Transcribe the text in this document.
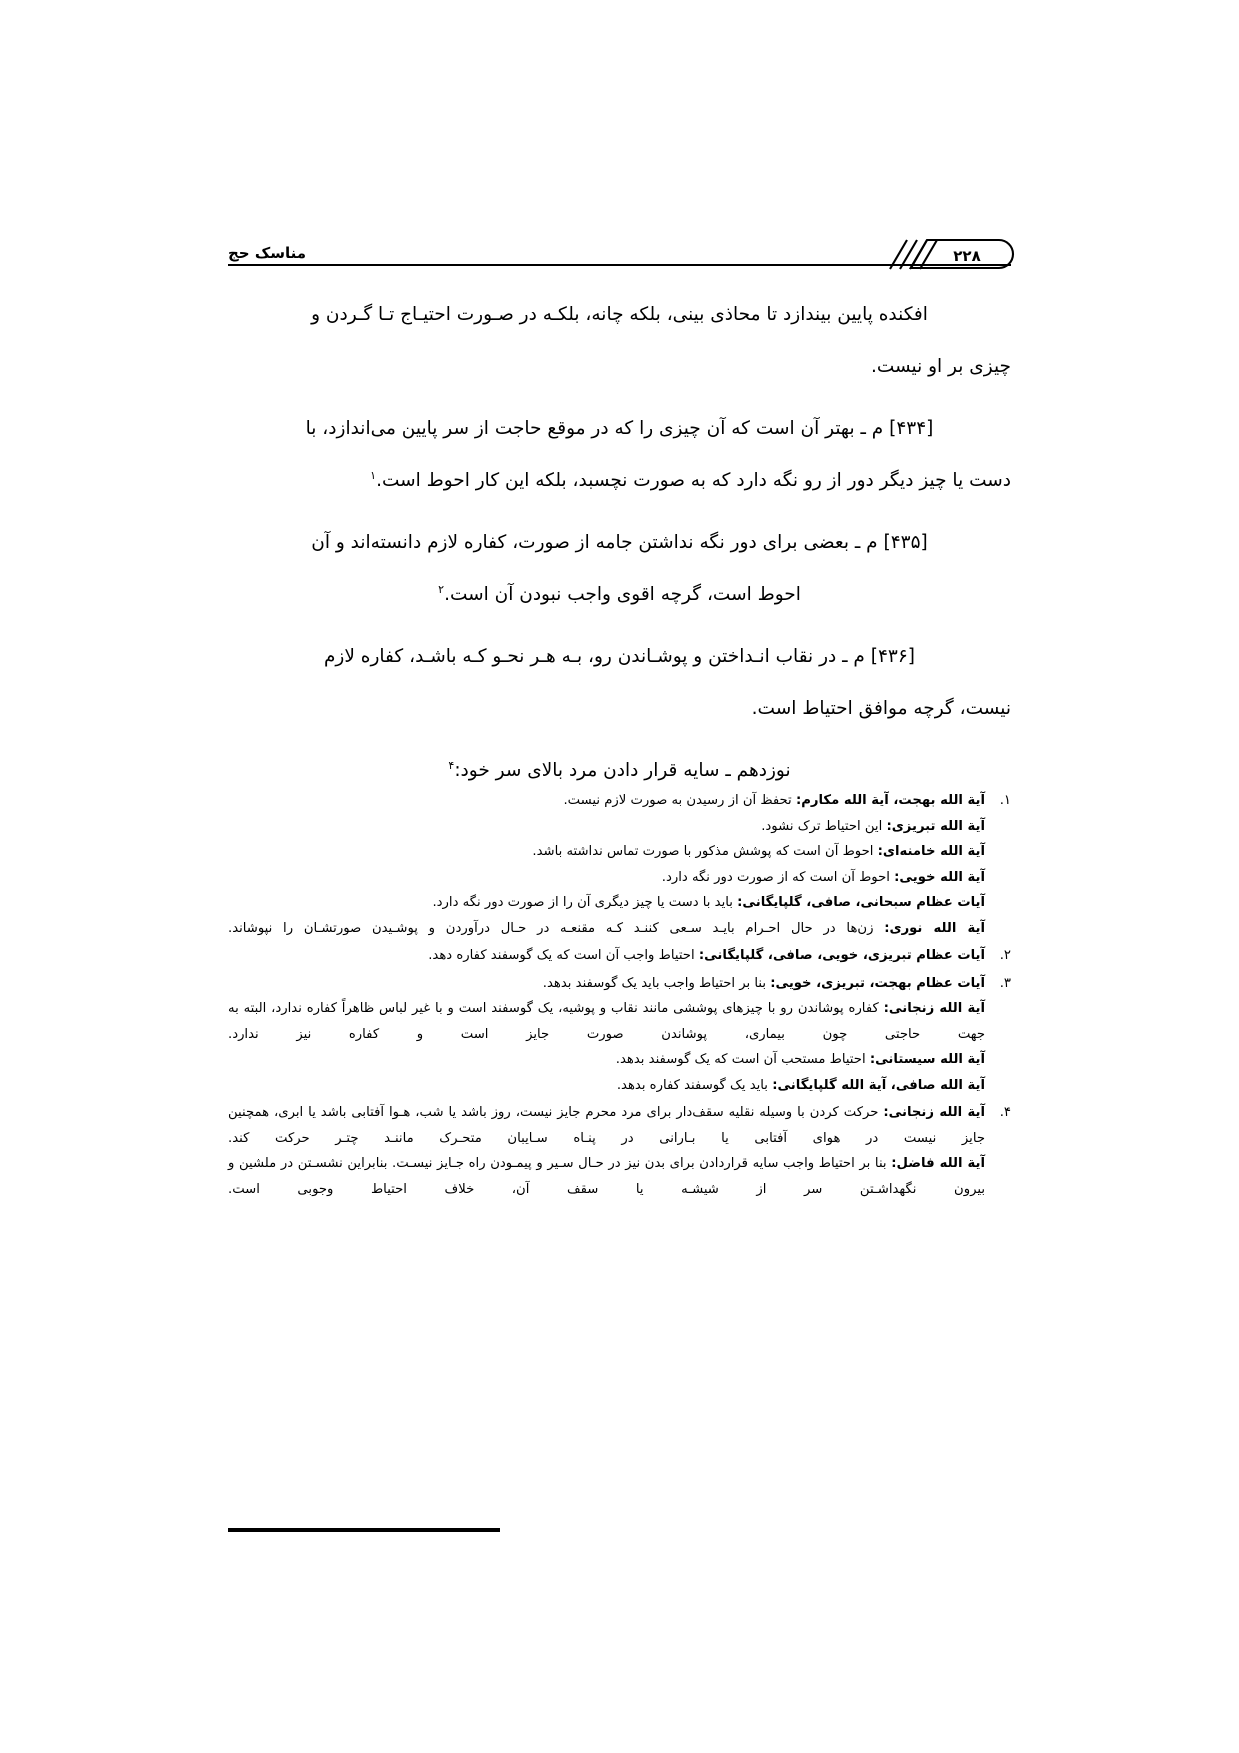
مناسک حج	۲۲۸

افکنده پایین بیندازد تا محاذی بینی، بلکه چانه، بلکـه در صـورت احتیـاج تـا گـردن و

چیزی بر او نیست.

[۴۳۴] م ـ بهتر آن است که آن چیزی را که در موقع حاجت از سر پایین می‌اندازد، با

دست یا چیز دیگر دور از رو نگه دارد که به صورت نچسبد، بلکه این کار احوط است.$^۱$

[۴۳۵] م ـ بعضی برای دور نگه نداشتن جامه از صورت، کفاره لازم دانسته‌اند و آن

احوط است، گرچه اقوی واجب نبودن آن است.$^۲$

[۴۳۶] م ـ در نقاب انـداختن و پوشـاندن رو، بـه هـر نحـو کـه باشـد، کفاره لازم

نیست، گرچه موافق احتیاط است.

نوزدهم ـ سایه قرار دادن مرد بالای سر خود:$^۴$

۱.

آیة الله بهجت، آیة الله مکارم: تحفظ آن از رسیدن به صورت لازم نیست.

آیة الله تبریزی: این احتیاط ترک نشود.

آیة الله خامنه‌ای: احوط آن است که پوشش مذکور با صورت تماس نداشته باشد.

آیة الله خویی: احوط آن است که از صورت دور نگه دارد.

آیات عظام سبحانی، صافی، گلپایگانی: باید با دست یا چیز دیگری آن را از صورت دور نگه دارد.

آیة الله نوری: زن‌ها در حال احـرام بایـد سـعی کننـد کـه مقنعـه در حـال درآوردن و پوشـیدن صورتشـان را نپوشاند.

۲.

آیات عظام تبریزی، خویی، صافی، گلپایگانی: احتیاط واجب آن است که یک گوسفند کفاره دهد.

۳.

آیات عظام بهجت، تبریزی، خویی: بنا بر احتیاط واجب باید یک گوسفند بدهد.

آیة الله زنجانی: کفاره پوشاندن رو با چیزهای پوششی مانند نقاب و پوشیه، یک گوسفند است و با غیر لباس ظاهراً کفاره ندارد، البته به جهت حاجتی چون بیماری، پوشاندن صورت جایز است و کفاره نیز ندارد.

آیة الله سیستانی: احتیاط مستحب آن است که یک گوسفند بدهد.

آیة الله صافی، آیة الله گلپایگانی: باید یک گوسفند کفاره بدهد.

۴.

آیة الله زنجانی: حرکت کردن با وسیله نقلیه سقف‌دار برای مرد محرم جایز نیست، روز باشد یا شب، هـوا آفتابی باشد یا ابری، همچنین جایز نیست در هوای آفتابی یا بـارانی در پنـاه سـایبان متحـرک ماننـد چتـر حرکت کند.

آیة الله فاضل: بنا بر احتیاط واجب سایه قراردادن برای بدن نیز در حـال سـیر و پیمـودن راه جـایز نیسـت. بنابراین نشسـتن در ملشین و بیرون نگهداشـتن سر از شیشـه یا سقف آن، خلاف احتیاط وجوبی است.
